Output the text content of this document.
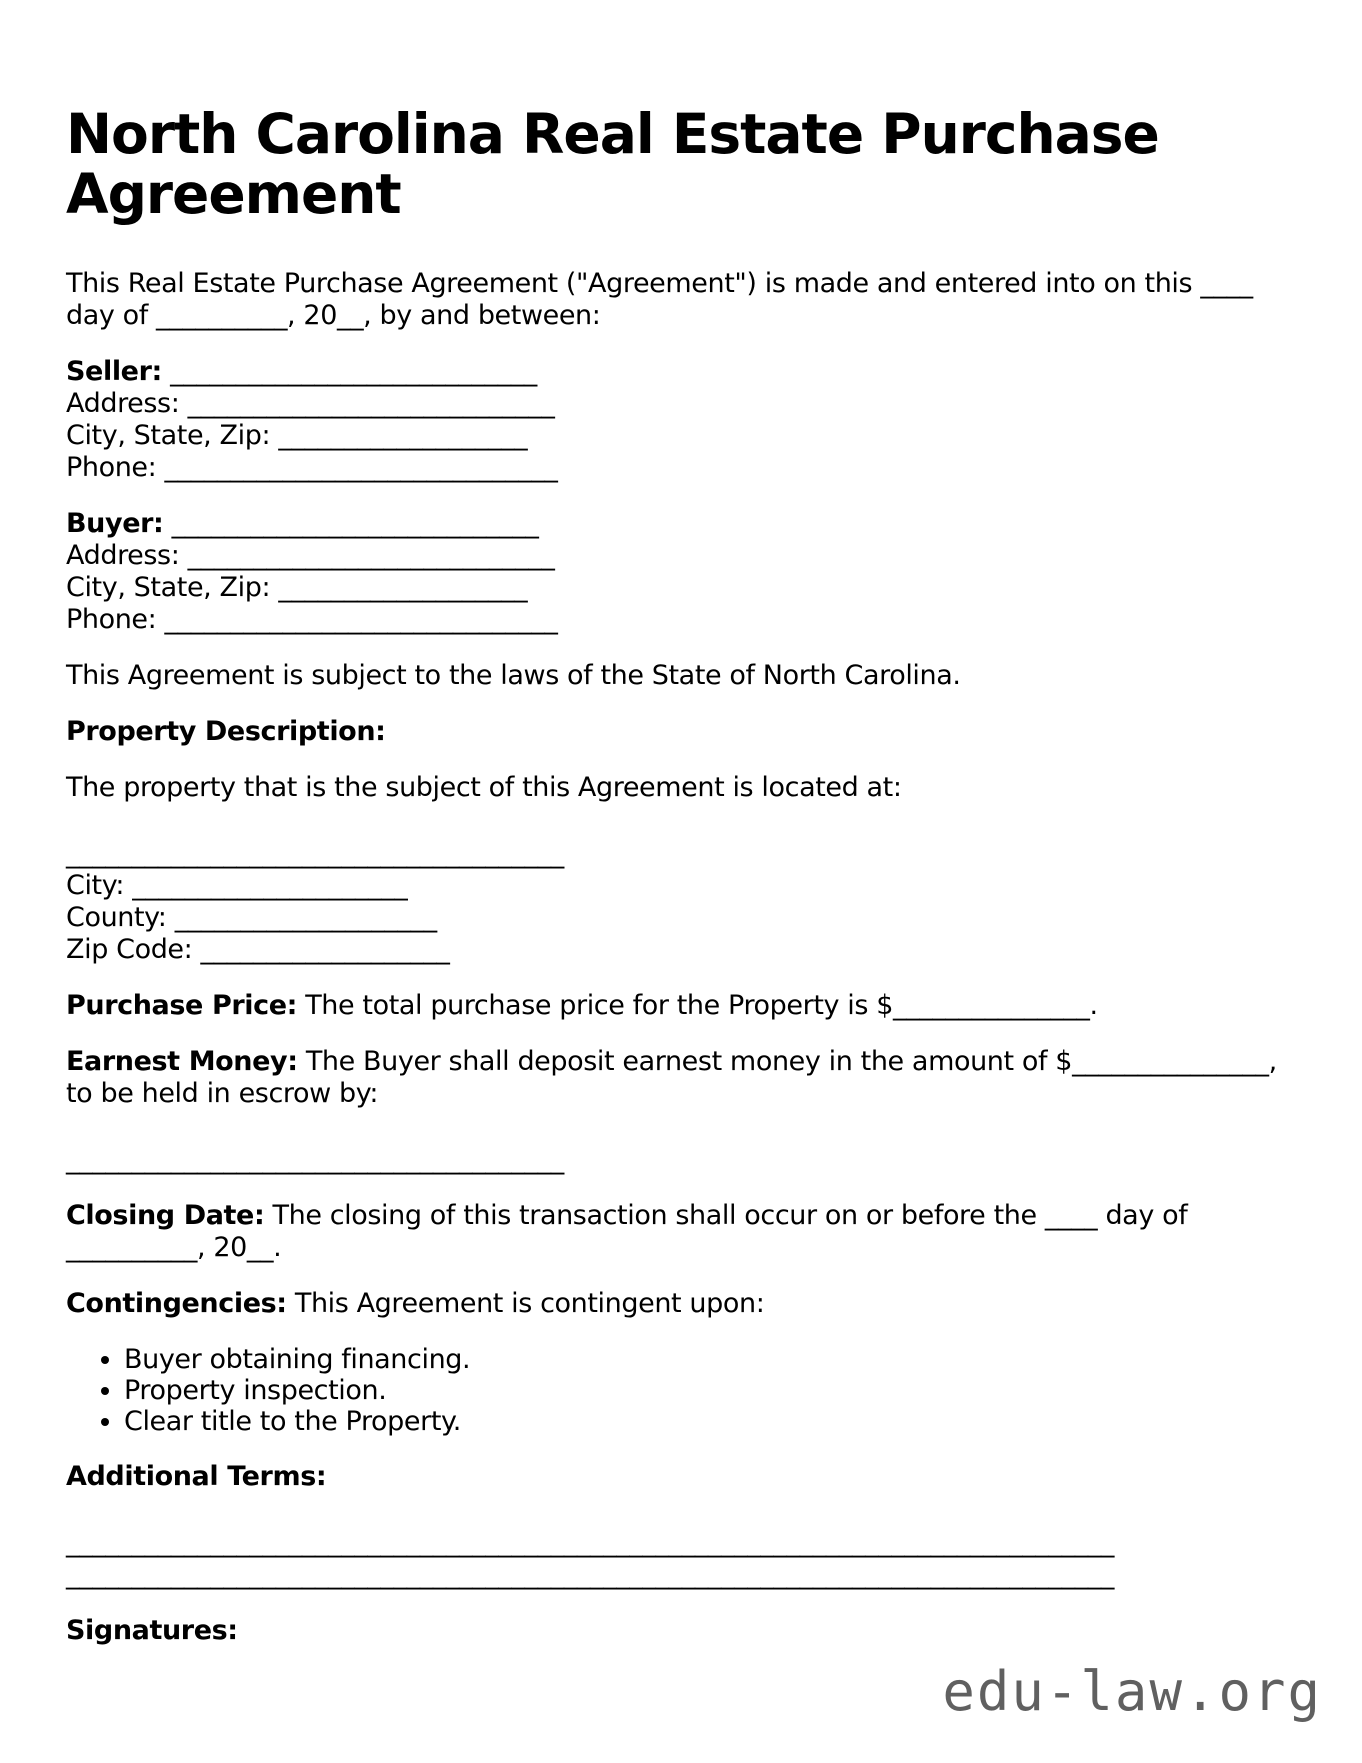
North Carolina Real Estate Purchase Agreement

This Real Estate Purchase Agreement ("Agreement") is made and entered into on this ____ day of __________, 20__, by and between:

Seller: ____________________________
Address: ____________________________
City, State, Zip: ___________________
Phone: ______________________________
Buyer: ____________________________
Address: ____________________________
City, State, Zip: ___________________
Phone: ______________________________

This Agreement is subject to the laws of the State of North Carolina.

Property Description:

The property that is the subject of this Agreement is located at:

______________________________________
City: _____________________
County: ____________________
Zip Code: ___________________

Purchase Price: The total purchase price for the Property is $_______________.

Earnest Money: The Buyer shall deposit earnest money in the amount of $_______________, to be held in escrow by:

______________________________________

Closing Date: The closing of this transaction shall occur on or before the ____ day of __________, 20__.

Contingencies: This Agreement is contingent upon:

• Buyer obtaining financing.
• Property inspection.
• Clear title to the Property.

Additional Terms:

________________________________________________________________________________
________________________________________________________________________________

Signatures:

edu-law.org
